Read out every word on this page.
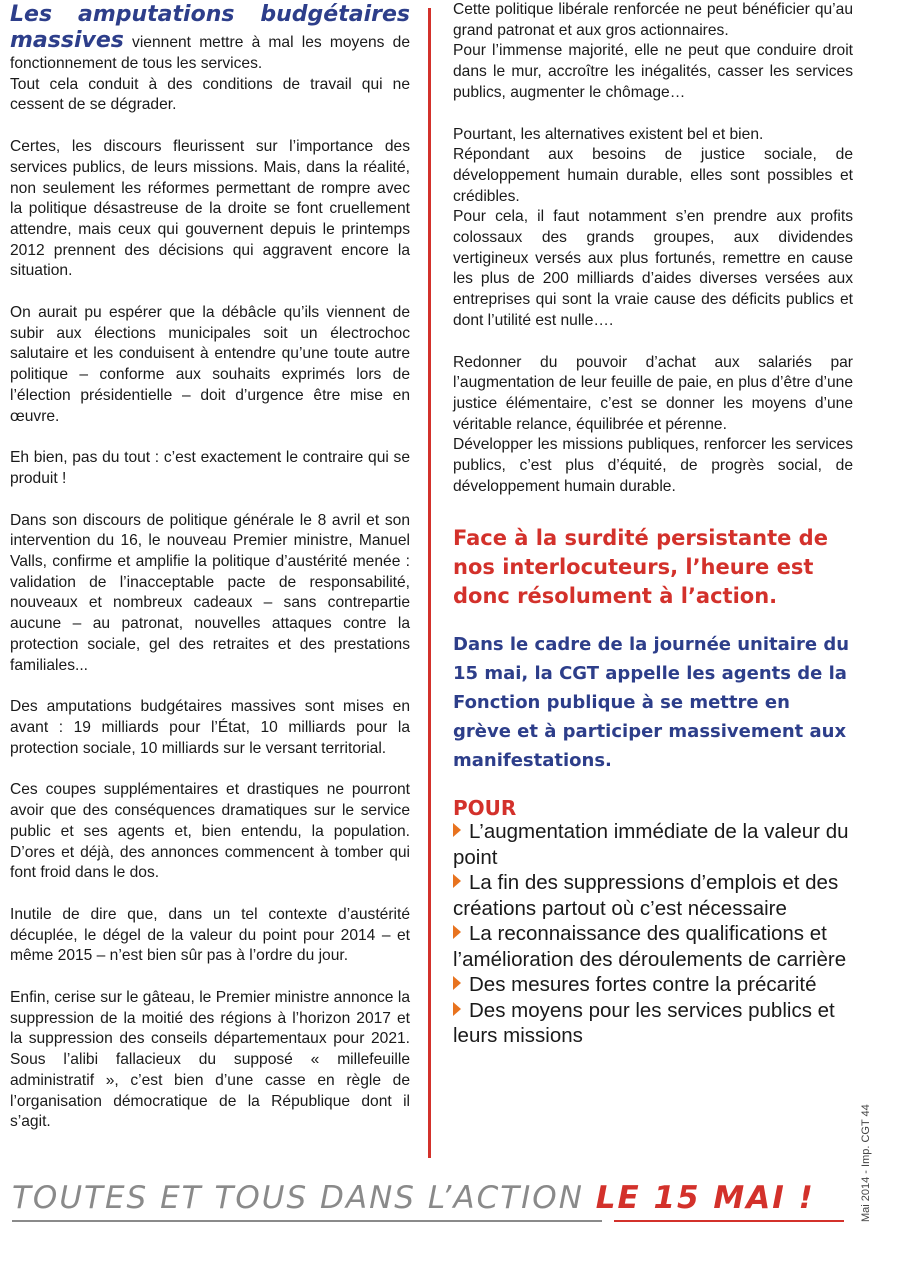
Les amputations budgétaires

massives viennent mettre à mal les moyens de fonctionnement de tous les services.

Tout cela conduit à des conditions de travail qui ne cessent de se dégrader.

Certes, les discours fleurissent sur l’importance des services publics, de leurs missions. Mais, dans la réalité, non seulement les réformes permettant de rompre avec la politique désastreuse de la droite se font cruellement attendre, mais ceux qui gouvernent depuis le printemps 2012 prennent des décisions qui aggravent encore la situation.

On aurait pu espérer que la débâcle qu’ils viennent de subir aux élections municipales soit un électrochoc salutaire et les conduisent à entendre qu’une toute autre politique – conforme aux souhaits exprimés lors de l’élection présidentielle – doit d’urgence être mise en œuvre.

Eh bien, pas du tout : c’est exactement le contraire qui se produit !

Dans son discours de politique générale le 8 avril et son intervention du 16, le nouveau Premier ministre, Manuel Valls, confirme et amplifie la politique d’austérité menée : validation de l’inacceptable pacte de responsabilité, nouveaux et nombreux cadeaux – sans contrepartie aucune – au patronat, nouvelles attaques contre la protection sociale, gel des retraites et des prestations familiales...

Des amputations budgétaires massives sont mises en avant : 19 milliards pour l’État, 10 milliards pour la protection sociale, 10 milliards sur le versant territorial.

Ces coupes supplémentaires et drastiques ne pourront avoir que des conséquences dramatiques sur le service public et ses agents et, bien entendu, la population. D’ores et déjà, des annonces commencent à tomber qui font froid dans le dos.

Inutile de dire que, dans un tel contexte d’austérité décuplée, le dégel de la valeur du point pour 2014 – et même 2015 – n’est bien sûr pas à l’ordre du jour.

Enfin, cerise sur le gâteau, le Premier ministre annonce la suppression de la moitié des régions à l’horizon 2017 et la suppression des conseils départementaux pour 2021. Sous l’alibi fallacieux du supposé « millefeuille administratif », c’est bien d’une casse en règle de l’organisation démocratique de la République dont il s’agit.

Cette politique libérale renforcée ne peut bénéficier qu’au grand patronat et aux gros actionnaires.

Pour l’immense majorité, elle ne peut que conduire droit dans le mur, accroître les inégalités, casser les services publics, augmenter le chômage…

Pourtant, les alternatives existent bel et bien.

Répondant aux besoins de justice sociale, de développement humain durable, elles sont possibles et crédibles.

Pour cela, il faut notamment s’en prendre aux profits colossaux des grands groupes, aux dividendes vertigineux versés aux plus fortunés, remettre en cause les plus de 200 milliards d’aides diverses versées aux entreprises qui sont la vraie cause des déficits publics et dont l’utilité est nulle….

Redonner du pouvoir d’achat aux salariés par l’augmentation de leur feuille de paie, en plus d’être d’une justice élémentaire, c’est se donner les moyens d’une véritable relance, équilibrée et pérenne.

Développer les missions publiques, renforcer les services publics, c’est plus d’équité, de progrès social, de développement humain durable.

Face à la surdité persistante de nos interlocuteurs, l’heure est donc résolument à l’action.
Dans le cadre de la journée unitaire du 15 mai, la CGT appelle les agents de la Fonction publique à se mettre en grève et à participer massivement aux manifestations.
POUR
L’augmentation immédiate de la valeur du point
La fin des suppressions d’emplois et des créations partout où c’est nécessaire
La reconnaissance des qualifications et l’amélioration des déroulements de carrière
Des mesures fortes contre la précarité
Des moyens pour les services publics et leurs missions
TOUTES ET TOUS DANS L’ACTION LE 15 MAI !	Mai 2014 - Imp. CGT 44
